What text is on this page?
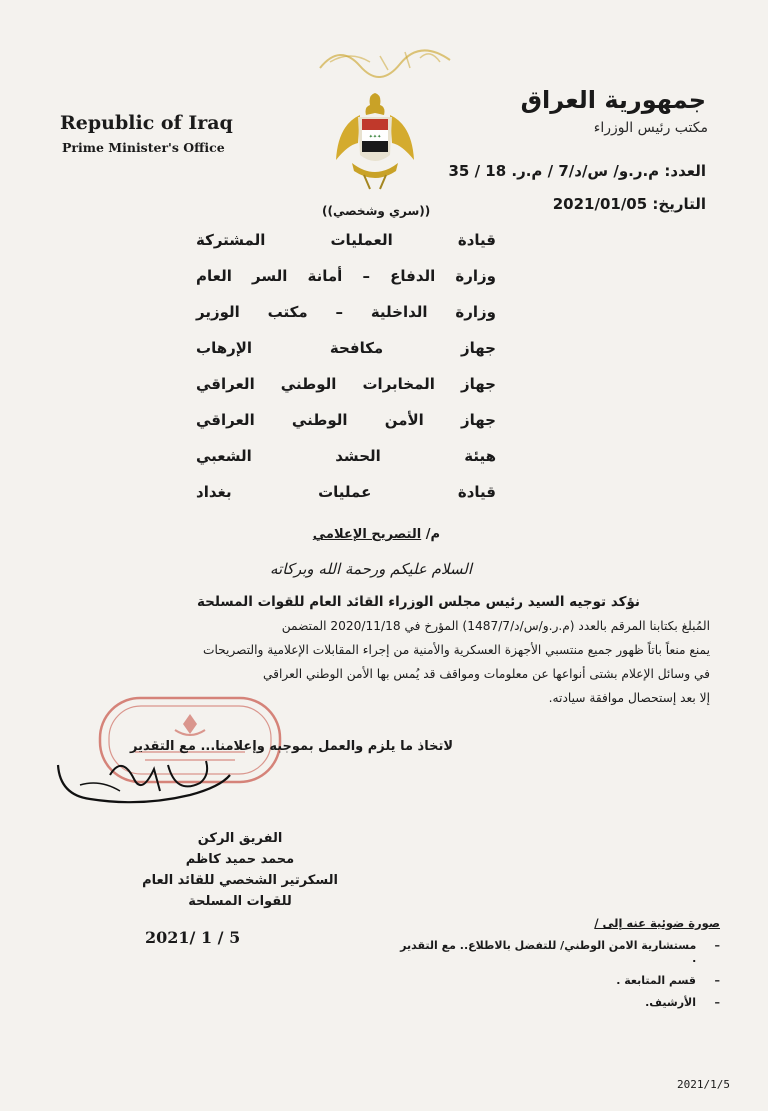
Republic of Iraq
Prime Minister's Office
✦✦✦
((سري وشخصي))
جمهورية العراق
مكتب رئيس الوزراء
العدد: م.ر.و/ س/د/7 / م.ر. 18 / 35
التاريخ: 2021/01/05
قيادة العمليات المشتركة
وزارة الدفاع – أمانة السر العام
وزارة الداخلية – مكتب الوزير
جهاز مكافحة الإرهاب
جهاز المخابرات الوطني العراقي
جهاز الأمن الوطني العراقي
هيئة الحشد الشعبي
قيادة عمليات بغداد
م/ التصريح الإعلامي
السلام عليكم ورحمة الله وبركاته

نؤكد توجيه السيد رئيس مجلس الوزراء القائد العام للقوات المسلحة

المُبلغ بكتابنا المرقم بالعدد (م.ر.و/س/د/1487/7) المؤرخ في 2020/11/18 المتضمن

يمنع منعاً باتاً ظهور جميع منتسبي الأجهزة العسكرية والأمنية من إجراء المقابلات الإعلامية والتصريحات

في وسائل الإعلام بشتى أنواعها عن معلومات ومواقف قد يُمس بها الأمن الوطني العراقي

إلا بعد إستحصال موافقة سيادته.

لاتخاذ ما يلزم والعمل بموجبه وإعلامنا... مع التقدير
الفريق الركن
محمد حميد كاظم
السكرتير الشخصي للقائد العام
للقوات المسلحة
2021/ 1 / 5
صورة ضوئية عنه إلى /
–
مستشارية الامن الوطني/ للتفضل بالاطلاع.. مع التقدير .
–
قسم المتابعة .
–
الأرشيف.
2021/1/5
